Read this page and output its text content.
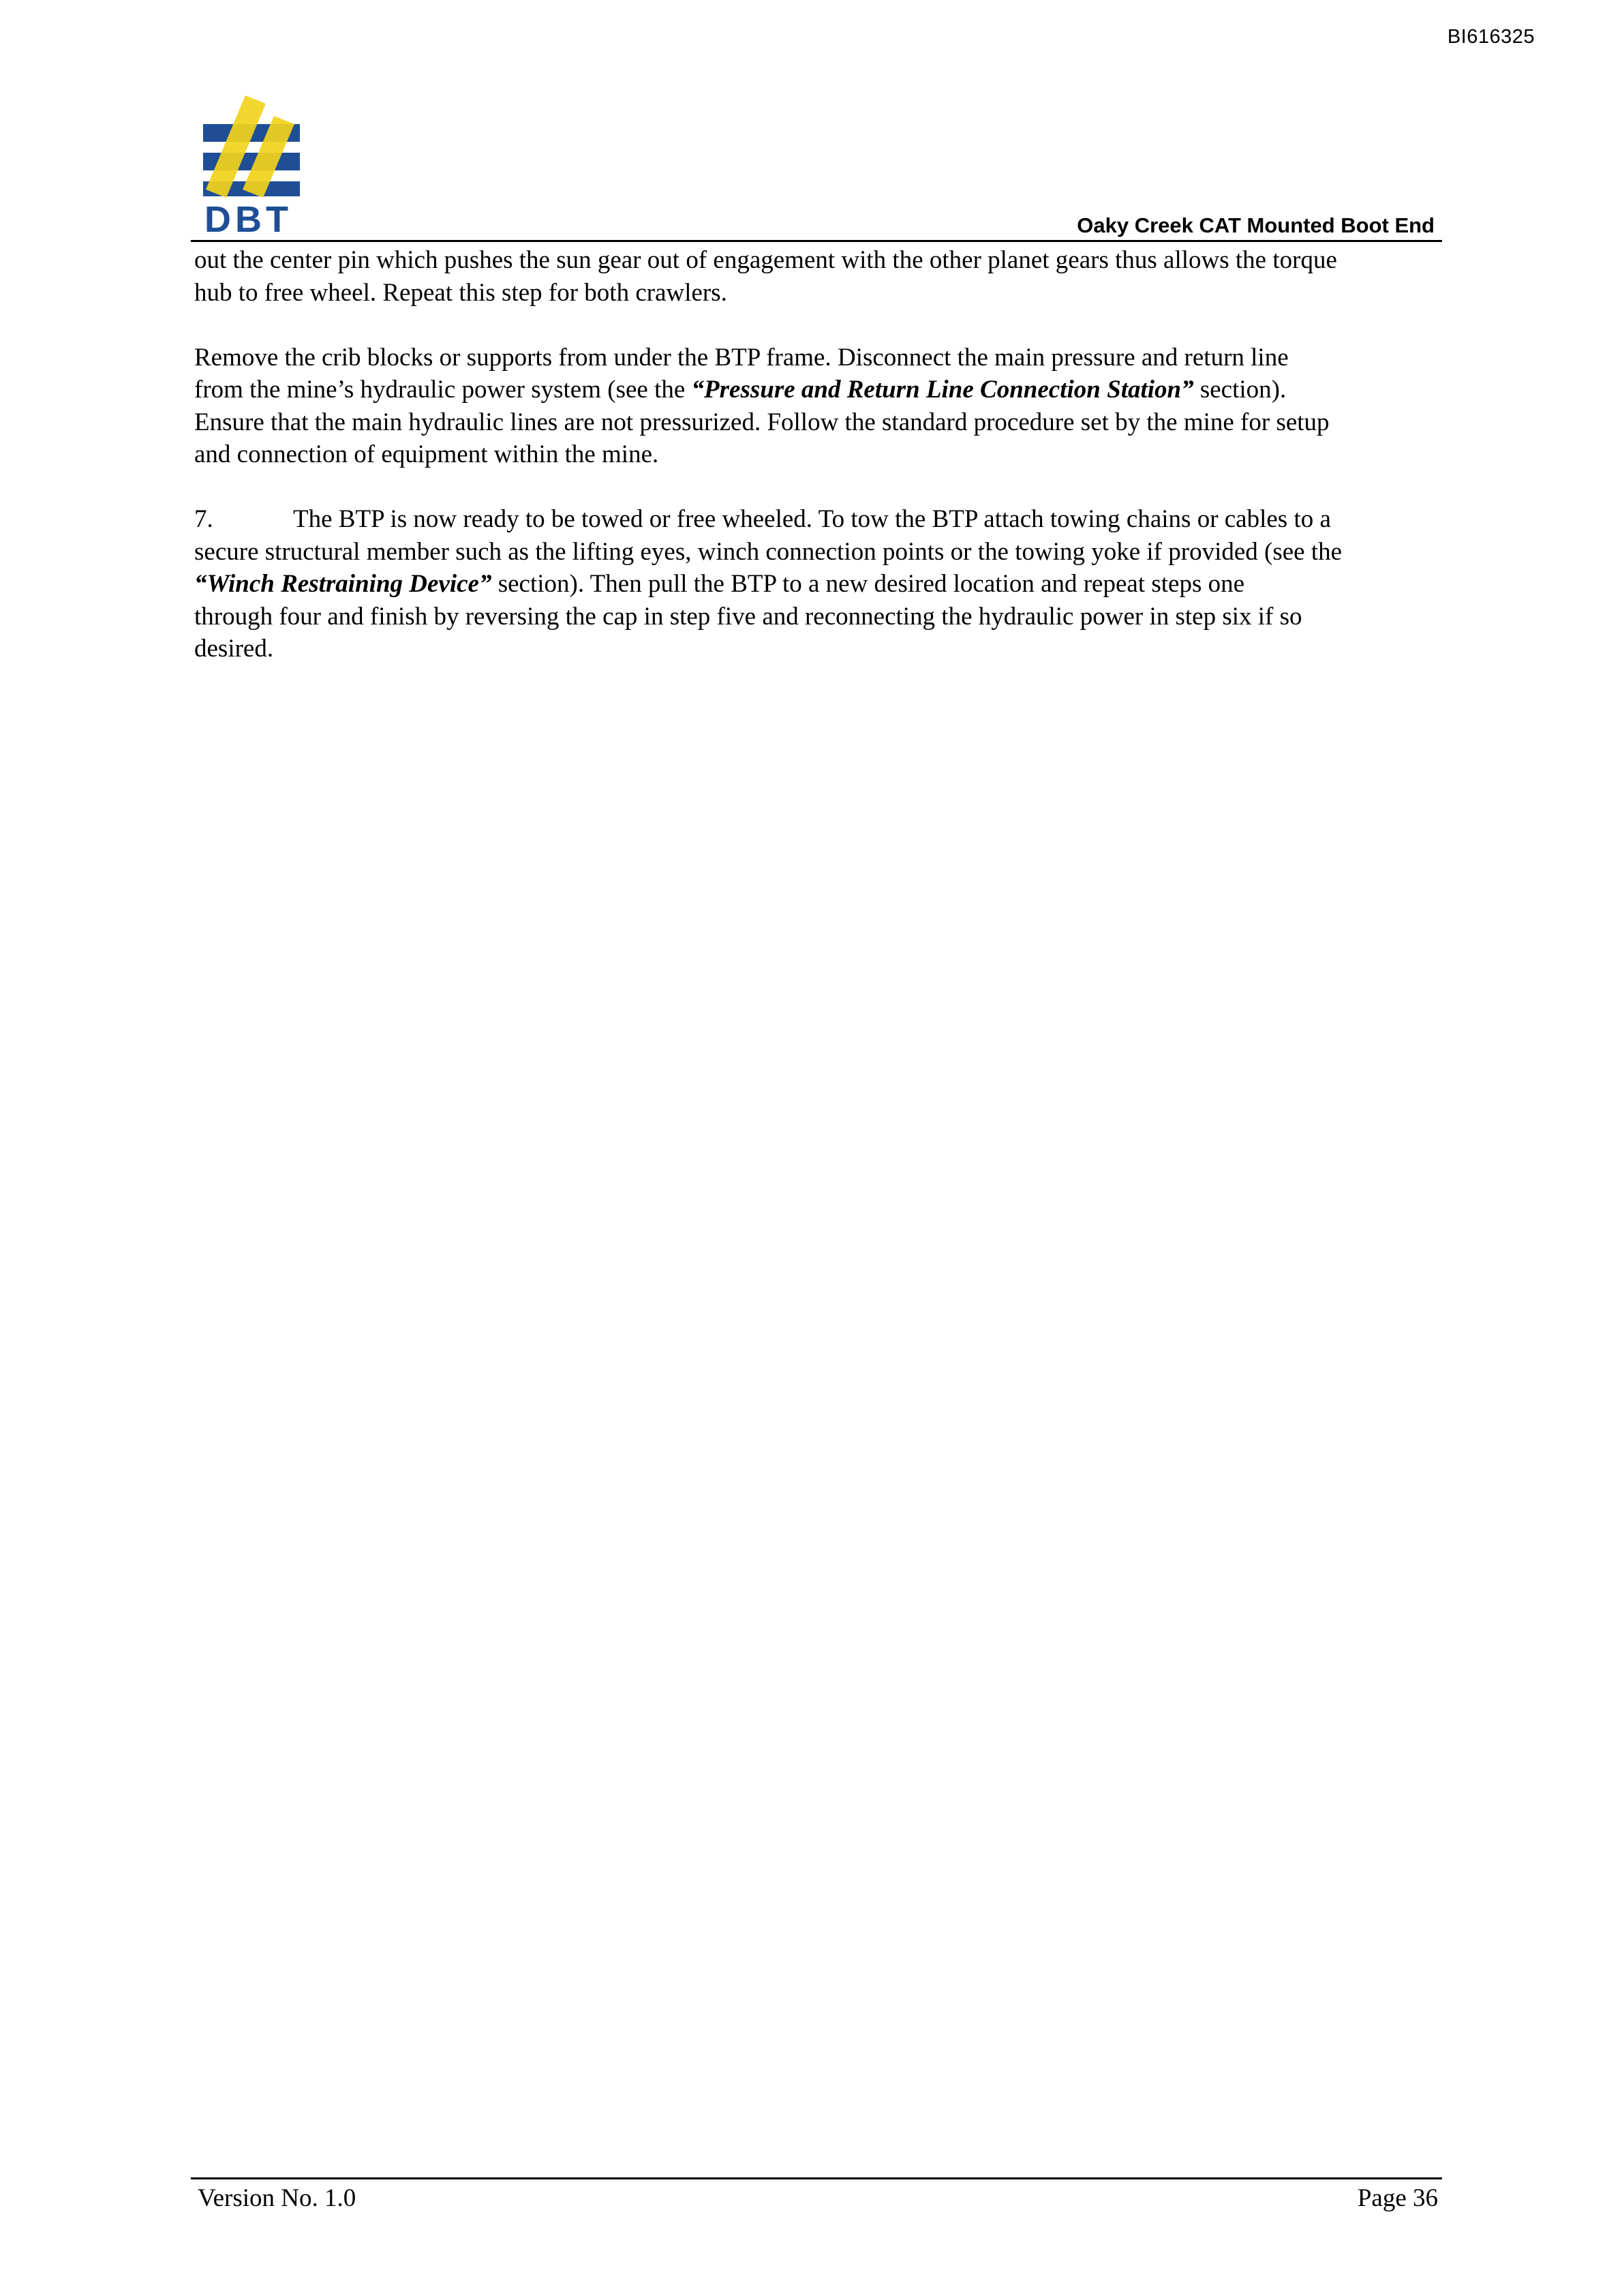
BI616325
DBT	Oaky Creek CAT Mounted Boot End

out the center pin which pushes the sun gear out of engagement with the other planet gears thus allows the torque
hub to free wheel. Repeat this step for both crawlers.

Remove the crib blocks or supports from under the BTP frame. Disconnect the main pressure and return line
from the mine’s hydraulic power system (see the “Pressure and Return Line Connection Station” section).
Ensure that the main hydraulic lines are not pressurized. Follow the standard procedure set by the mine for setup
and connection of equipment within the mine.

7.	The BTP is now ready to be towed or free wheeled. To tow the BTP attach towing chains or cables to a
secure structural member such as the lifting eyes, winch connection points or the towing yoke if provided (see the
“Winch Restraining Device” section). Then pull the BTP to a new desired location and repeat steps one
through four and finish by reversing the cap in step five and reconnecting the hydraulic power in step six if so
desired.

Version No. 1.0	Page 36
